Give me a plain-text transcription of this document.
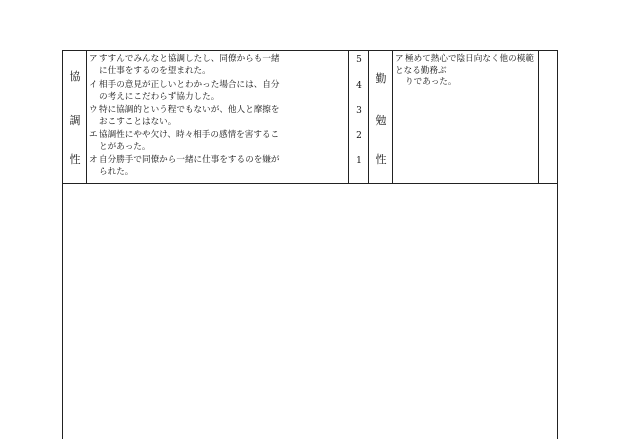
協
調
性
アすすんでみんなと協調したし、同僚からも一緒
に仕事をするのを望まれた。
イ相手の意見が正しいとわかった場合には、自分
の考えにこだわらず協力した。
ウ特に協調的という程でもないが、他人と摩擦を
おこすことはない。
エ協調性にやや欠け、時々相手の感情を害するこ
とがあった。
オ自分勝手で同僚から一緒に仕事をするのを嫌が
られた。
5
4
3
2
1
勤
勉
性
ア極めて熱心で陰日向なく他の模範となる勤務ぶ
りであった。
